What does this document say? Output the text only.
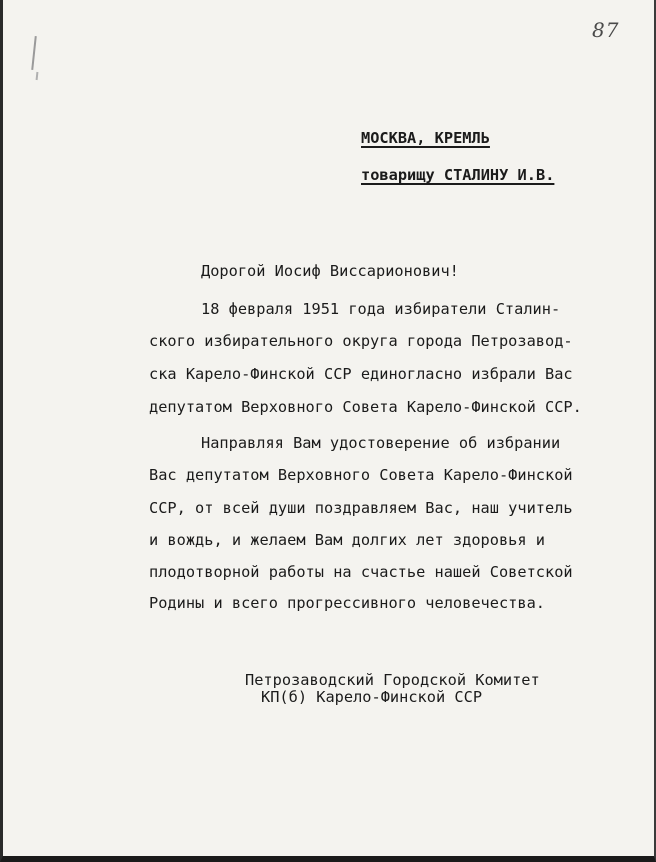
87
МОСКВА, КРЕМЛЬ
товарищу СТАЛИНУ И.В.
Дорогой Иосиф Виссарионович!
18 февраля 1951 года избиратели Сталин-
ского избирательного округа города Петрозавод-
ска Карело-Финской ССР единогласно избрали Вас
депутатом Верховного Совета Карело-Финской ССР.
Направляя Вам удостоверение об избрании
Вас депутатом Верховного Совета Карело-Финской
ССР, от всей души поздравляем Вас, наш учитель
и вождь, и желаем Вам долгих лет здоровья и
плодотворной работы на счастье нашей Советской
Родины и всего прогрессивного человечества.
Петрозаводский Городской Комитет
КП(б) Карело-Финской ССР
